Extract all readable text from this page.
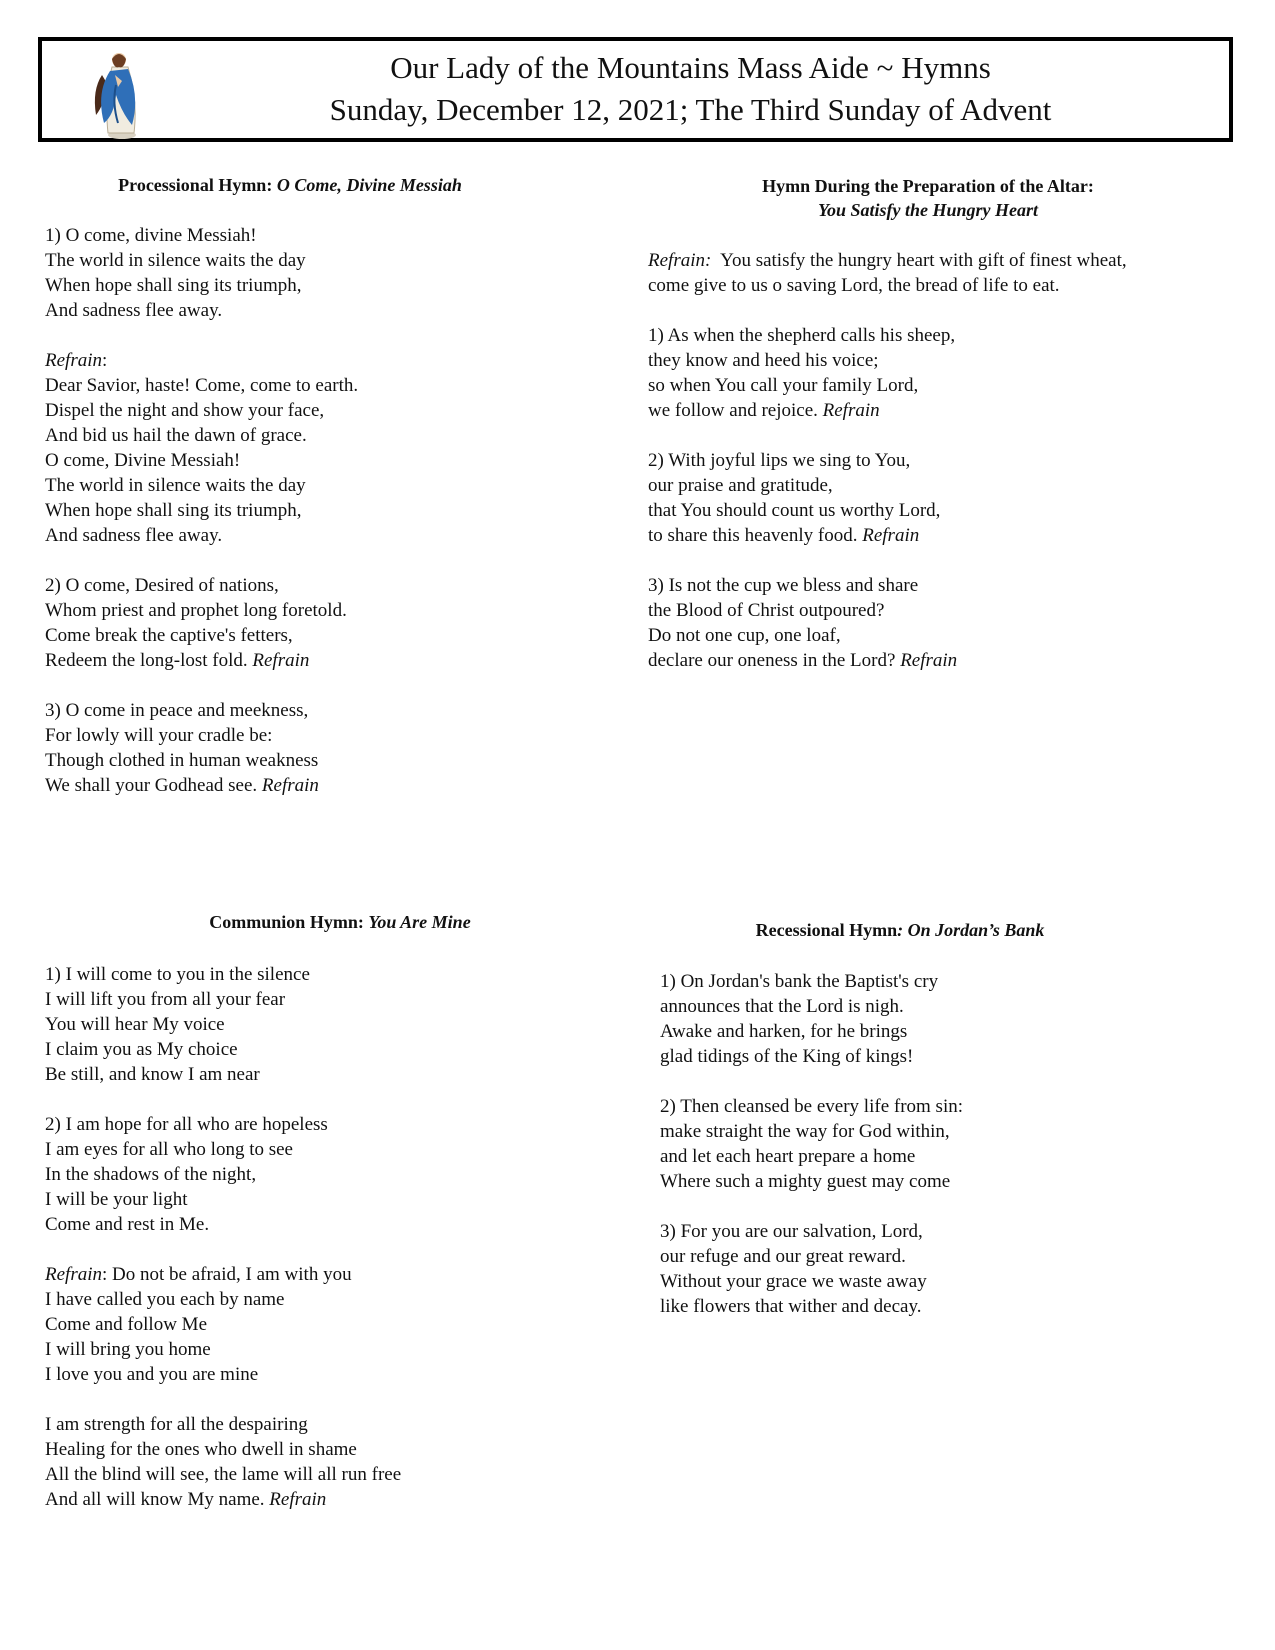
Our Lady of the Mountains Mass Aide ~ Hymns
Sunday, December 12, 2021; The Third Sunday of Advent
Processional Hymn: O Come, Divine Messiah

1) O come, divine Messiah!
The world in silence waits the day
When hope shall sing its triumph,
And sadness flee away.

Refrain:
Dear Savior, haste! Come, come to earth.
Dispel the night and show your face,
And bid us hail the dawn of grace.
O come, Divine Messiah!
The world in silence waits the day
When hope shall sing its triumph,
And sadness flee away.

2) O come, Desired of nations,
Whom priest and prophet long foretold.
Come break the captive's fetters,
Redeem the long-lost fold. Refrain

3) O come in peace and meekness,
For lowly will your cradle be:
Though clothed in human weakness
We shall your Godhead see. Refrain

Hymn During the Preparation of the Altar:
You Satisfy the Hungry Heart

Refrain: You satisfy the hungry heart with gift of finest wheat,
come give to us o saving Lord, the bread of life to eat.

1) As when the shepherd calls his sheep,
they know and heed his voice;
so when You call your family Lord,
we follow and rejoice. Refrain

2) With joyful lips we sing to You,
our praise and gratitude,
that You should count us worthy Lord,
to share this heavenly food. Refrain

3) Is not the cup we bless and share
the Blood of Christ outpoured?
Do not one cup, one loaf,
declare our oneness in the Lord? Refrain

Communion Hymn: You Are Mine

1) I will come to you in the silence
I will lift you from all your fear
You will hear My voice
I claim you as My choice
Be still, and know I am near

2) I am hope for all who are hopeless
I am eyes for all who long to see
In the shadows of the night,
I will be your light
Come and rest in Me.

Refrain: Do not be afraid, I am with you
I have called you each by name
Come and follow Me
I will bring you home
I love you and you are mine

I am strength for all the despairing
Healing for the ones who dwell in shame
All the blind will see, the lame will all run free
And all will know My name. Refrain

Recessional Hymn: On Jordan’s Bank

1) On Jordan's bank the Baptist's cry
announces that the Lord is nigh.
Awake and harken, for he brings
glad tidings of the King of kings!

2) Then cleansed be every life from sin:
make straight the way for God within,
and let each heart prepare a home
Where such a mighty guest may come

3) For you are our salvation, Lord,
our refuge and our great reward.
Without your grace we waste away
like flowers that wither and decay.
